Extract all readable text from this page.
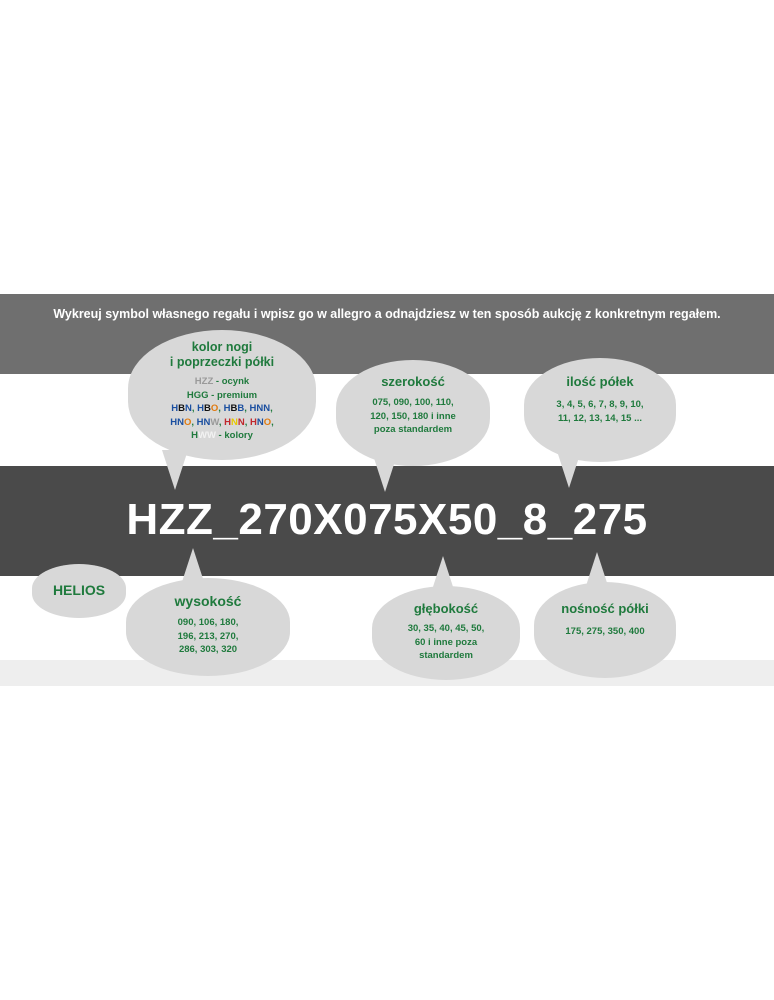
Wykreuj symbol własnego regału i wpisz go w allegro a odnajdziesz w ten sposób aukcję z konkretnym regałem.
kolor nogi
i poprzeczki półki
HZZ - ocynk
HGG - premium
HBN, HBO, HBB, HNN,
HNO, HNW, HNN, HNO,
HWW - kolory
szerokość
075, 090, 100, 110,
120, 150, 180 i inne
poza standardem
ilość półek
3, 4, 5, 6, 7, 8, 9, 10,
11, 12, 13, 14, 15 ...
HZZ_270X075X50_8_275
HELIOS
wysokość
090, 106, 180,
196, 213, 270,
286, 303, 320
głębokość
30, 35, 40, 45, 50,
60 i inne poza
standardem
nośność półki
175, 275, 350, 400
